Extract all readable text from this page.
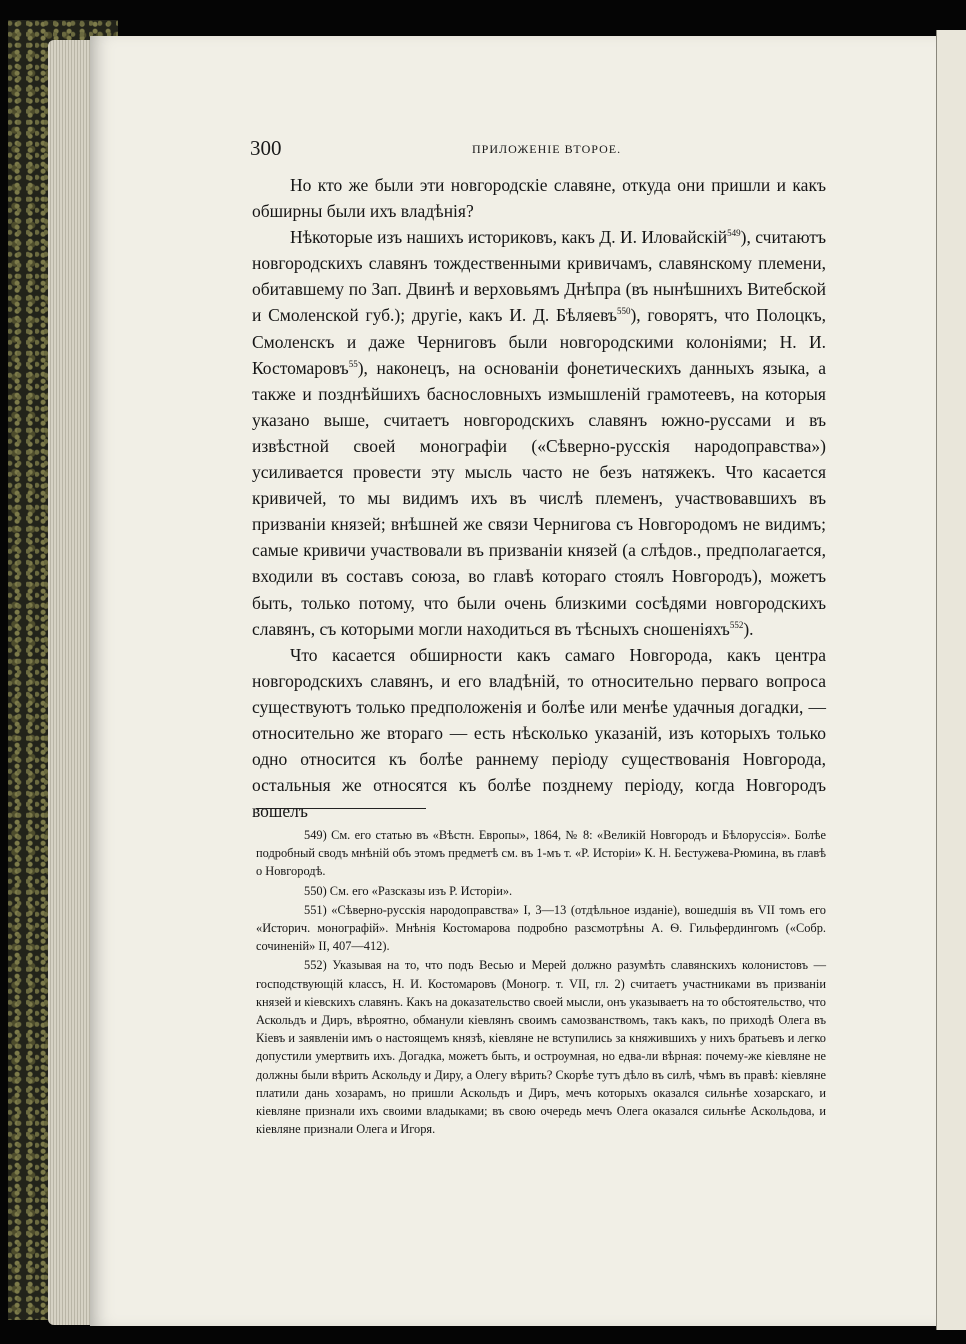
300	ПРИЛОЖЕНІЕ ВТОРОЕ.

Но кто же были эти новгородскіе славяне, откуда они пришли и какъ обширны были ихъ владѣнія?

Нѣкоторые изъ нашихъ историковъ, какъ Д. И. Иловайскій$^{549}$), считаютъ новгородскихъ славянъ тождественными кривичамъ, славянскому племени, обитавшему по Зап. Двинѣ и верховьямъ Днѣпра (въ нынѣшнихъ Витебской и Смоленской губ.); другіе, какъ И. Д. Бѣляевъ$^{550}$), говорятъ, что Полоцкъ, Смоленскъ и даже Черниговъ были новгородскими колоніями; Н. И. Костомаровъ$^{55}$), наконецъ, на основаніи фонетическихъ данныхъ языка, а также и позднѣйшихъ баснословныхъ измышленій грамотеевъ, на которыя указано выше, считаетъ новгородскихъ славянъ южно-руссами и въ извѣстной своей монографіи («Сѣверно-русскія народоправства») усиливается провести эту мысль часто не безъ натяжекъ. Что касается кривичей, то мы видимъ ихъ въ числѣ племенъ, участвовавшихъ въ призваніи князей; внѣшней же связи Чернигова съ Новгородомъ не видимъ; самые кривичи участвовали въ призваніи князей (а слѣдов., предполагается, входили въ составъ союза, во главѣ котораго стоялъ Новгородъ), можетъ быть, только потому, что были очень близкими сосѣдями новгородскихъ славянъ, съ которыми могли находиться въ тѣсныхъ сношеніяхъ$^{552}$).

Что касается обширности какъ самаго Новгорода, какъ центра новгородскихъ славянъ, и его владѣній, то относительно перваго вопроса существуютъ только предположенія и болѣе или менѣе удачныя догадки, — относительно же втораго — есть нѣсколько указаній, изъ которыхъ только одно относится къ болѣе раннему періоду существованія Новгорода, остальныя же относятся къ болѣе позднему періоду, когда Новгородъ вошелъ

549) См. его статью въ «Вѣстн. Европы», 1864, № 8: «Великій Новгородъ и Бѣлоруссія». Болѣе подробный сводъ мнѣній объ этомъ предметѣ см. въ 1-мъ т. «Р. Исторіи» К. Н. Бестужева-Рюмина, въ главѣ о Новгородѣ.

550) См. его «Разсказы изъ Р. Исторіи».

551) «Сѣверно-русскія народоправства» I, 3—13 (отдѣльное изданіе), вошедшія въ VII томъ его «Историч. монографій». Мнѣнія Костомарова подробно разсмотрѣны А. Ѳ. Гильфердингомъ («Собр. сочиненій» II, 407—412).

552) Указывая на то, что подъ Весью и Мерей должно разумѣть славянскихъ колонистовъ — господствующій классъ, Н. И. Костомаровъ (Моногр. т. VII, гл. 2) считаетъ участниками въ призваніи князей и кіевскихъ славянъ. Какъ на доказательство своей мысли, онъ указываетъ на то обстоятельство, что Аскольдъ и Диръ, вѣроятно, обманули кіевлянъ своимъ самозванствомъ, такъ какъ, по приходѣ Олега въ Кіевъ и заявленіи имъ о настоящемъ князѣ, кіевляне не вступились за княжившихъ у нихъ братьевъ и легко допустили умертвить ихъ. Догадка, можетъ быть, и остроумная, но едва-ли вѣрная: почему-же кіевляне не должны были вѣрить Аскольду и Диру, а Олегу вѣрить? Скорѣе тутъ дѣло въ силѣ, чѣмъ въ правѣ: кіевляне платили дань хозарамъ, но пришли Аскольдъ и Диръ, мечъ которыхъ оказался сильнѣе хозарскаго, и кіевляне признали ихъ своими владыками; въ свою очередь мечъ Олега оказался сильнѣе Аскольдова, и кіевляне признали Олега и Игоря.
